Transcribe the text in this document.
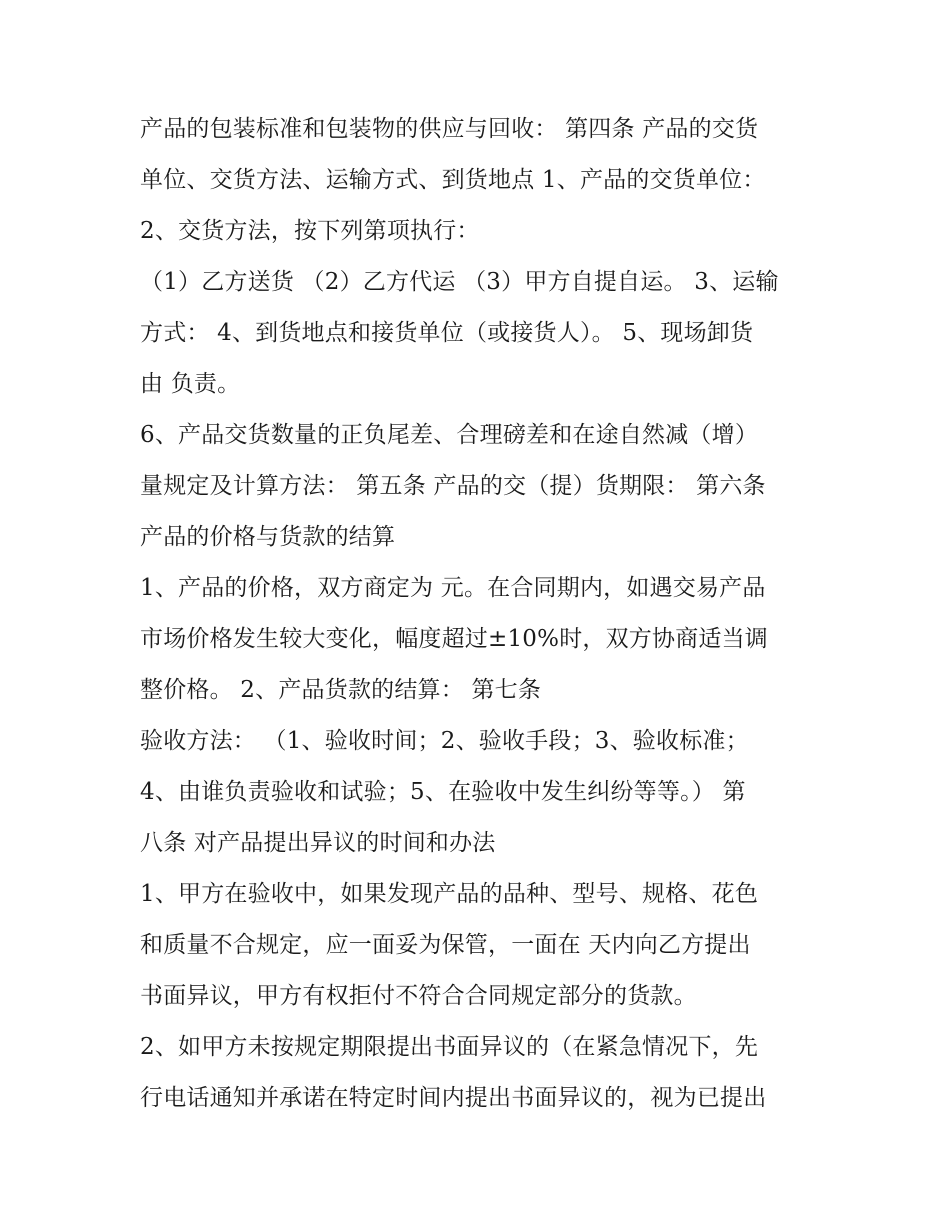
产品的包装标准和包装物的供应与回收： 第四条 产品的交货
单位、交货方法、运输方式、到货地点 1、产品的交货单位：
2、交货方法，按下列第项执行：
（1）乙方送货 （2）乙方代运 （3）甲方自提自运。 3、运输
方式： 4、到货地点和接货单位（或接货人）。 5、现场卸货
由 负责。
6、产品交货数量的正负尾差、合理磅差和在途自然减（增）
量规定及计算方法： 第五条 产品的交（提）货期限： 第六条
产品的价格与货款的结算
1、产品的价格，双方商定为 元。在合同期内，如遇交易产品
市场价格发生较大变化，幅度超过±10%时，双方协商适当调
整价格。 2、产品货款的结算： 第七条
验收方法： （1、验收时间；2、验收手段；3、验收标准；
4、由谁负责验收和试验；5、在验收中发生纠纷等等。） 第
八条 对产品提出异议的时间和办法
1、甲方在验收中，如果发现产品的品种、型号、规格、花色
和质量不合规定，应一面妥为保管，一面在 天内向乙方提出
书面异议，甲方有权拒付不符合合同规定部分的货款。
2、如甲方未按规定期限提出书面异议的（在紧急情况下，先
行电话通知并承诺在特定时间内提出书面异议的，视为已提出
